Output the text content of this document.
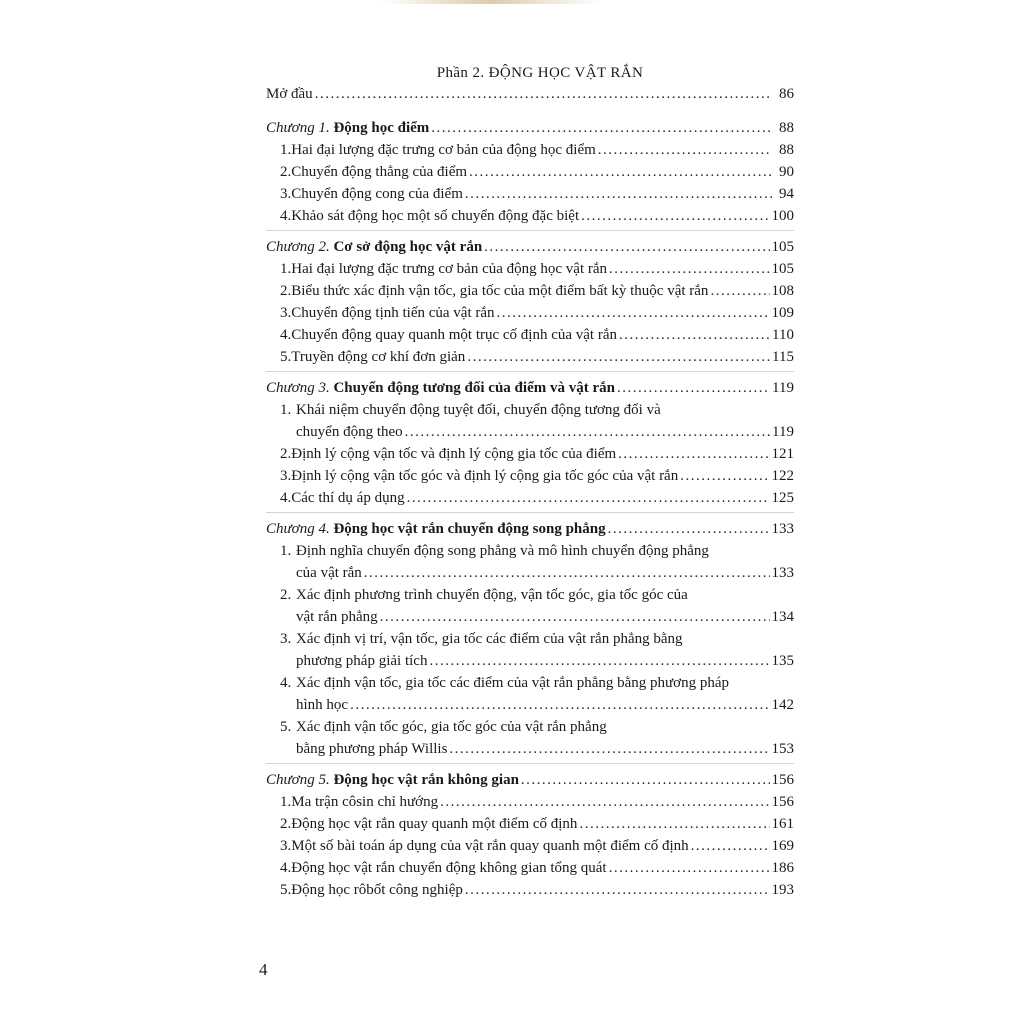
Phần 2. ĐỘNG HỌC VẬT RẮN
Mở đầu .....	86
Chương 1. Động học điểm .....	88
1. Hai đại lượng đặc trưng cơ bản của động học điểm .....	88
2. Chuyển động thẳng của điểm .....	90
3. Chuyển động cong của điểm .....	94
4. Khảo sát động học một số chuyển động đặc biệt .....	100
Chương 2. Cơ sở động học vật rắn .....	105
1. Hai đại lượng đặc trưng cơ bản của động học vật rắn .....	105
2. Biểu thức xác định vận tốc, gia tốc của một điểm bất kỳ thuộc vật rắn .....	108
3. Chuyển động tịnh tiến của vật rắn .....	109
4. Chuyển động quay quanh một trục cố định của vật rắn .....	110
5. Truyền động cơ khí đơn giản .....	115
Chương 3. Chuyển động tương đối của điểm và vật rắn .....	119
1. Khái niệm chuyển động tuyệt đối, chuyển động tương đối và
chuyển động theo .....	119
2. Định lý cộng vận tốc và định lý cộng gia tốc của điểm .....	121
3. Định lý cộng vận tốc góc và định lý cộng gia tốc góc của vật rắn .....	122
4. Các thí dụ áp dụng .....	125
Chương 4. Động học vật rắn chuyển động song phẳng .....	133
1. Định nghĩa chuyển động song phẳng và mô hình chuyển động phẳng
của vật rắn .....	133
2. Xác định phương trình chuyển động, vận tốc góc, gia tốc góc của
vật rắn phẳng .....	134
3. Xác định vị trí, vận tốc, gia tốc các điểm của vật rắn phẳng bằng
phương pháp giải tích .....	135
4. Xác định vận tốc, gia tốc các điểm của vật rắn phẳng bằng phương pháp
hình học .....	142
5. Xác định vận tốc góc, gia tốc góc của vật rắn phẳng
bằng phương pháp Willis .....	153
Chương 5. Động học vật rắn không gian .....	156
1. Ma trận côsin chỉ hướng .....	156
2. Động học vật rắn quay quanh một điểm cố định .....	161
3. Một số bài toán áp dụng của vật rắn quay quanh một điểm cố định .....	169
4. Động học vật rắn chuyển động không gian tổng quát .....	186
5. Động học rôbốt công nghiệp .....	193
4
